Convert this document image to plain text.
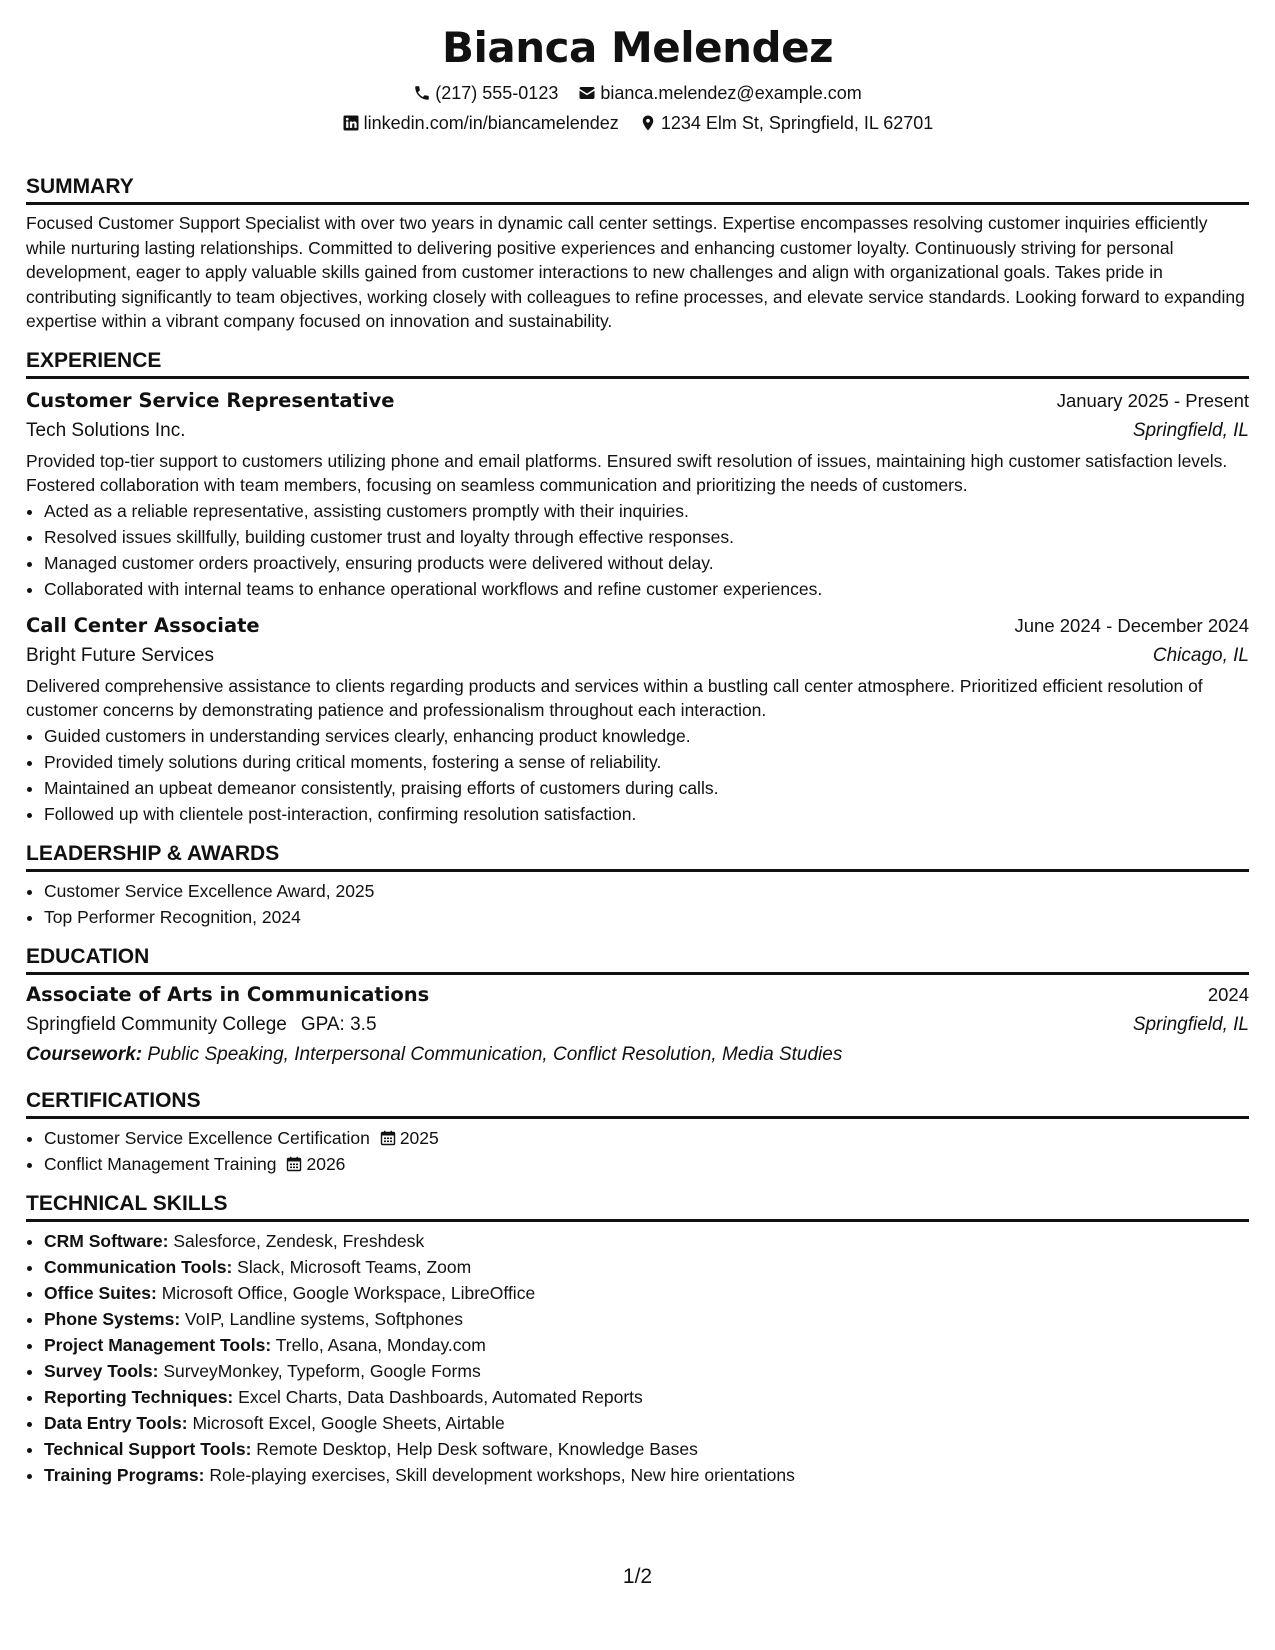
Bianca Melendez
(217) 555-0123 bianca.melendez@example.com
linkedin.com/in/biancamelendez 1234 Elm St, Springfield, IL 62701
SUMMARY

Focused Customer Support Specialist with over two years in dynamic call center settings. Expertise encompasses resolving customer inquiries efficiently while nurturing lasting relationships. Committed to delivering positive experiences and enhancing customer loyalty. Continuously striving for personal development, eager to apply valuable skills gained from customer interactions to new challenges and align with organizational goals. Takes pride in contributing significantly to team objectives, working closely with colleagues to refine processes, and elevate service standards. Looking forward to expanding expertise within a vibrant company focused on innovation and sustainability.

EXPERIENCE
Customer Service Representative	January 2025 - Present
Tech Solutions Inc.	Springfield, IL

Provided top-tier support to customers utilizing phone and email platforms. Ensured swift resolution of issues, maintaining high customer satisfaction levels. Fostered collaboration with team members, focusing on seamless communication and prioritizing the needs of customers.

• Acted as a reliable representative, assisting customers promptly with their inquiries.
• Resolved issues skillfully, building customer trust and loyalty through effective responses.
• Managed customer orders proactively, ensuring products were delivered without delay.
• Collaborated with internal teams to enhance operational workflows and refine customer experiences.
Call Center Associate	June 2024 - December 2024
Bright Future Services	Chicago, IL

Delivered comprehensive assistance to clients regarding products and services within a bustling call center atmosphere. Prioritized efficient resolution of customer concerns by demonstrating patience and professionalism throughout each interaction.

• Guided customers in understanding services clearly, enhancing product knowledge.
• Provided timely solutions during critical moments, fostering a sense of reliability.
• Maintained an upbeat demeanor consistently, praising efforts of customers during calls.
• Followed up with clientele post-interaction, confirming resolution satisfaction.
LEADERSHIP & AWARDS
• Customer Service Excellence Award, 2025
• Top Performer Recognition, 2024
EDUCATION
Associate of Arts in Communications	2024
Springfield Community College GPA: 3.5	Springfield, IL
Coursework: Public Speaking, Interpersonal Communication, Conflict Resolution, Media Studies
CERTIFICATIONS
• Customer Service Excellence Certification 2025
• Conflict Management Training 2026
TECHNICAL SKILLS
• CRM Software: Salesforce, Zendesk, Freshdesk
• Communication Tools: Slack, Microsoft Teams, Zoom
• Office Suites: Microsoft Office, Google Workspace, LibreOffice
• Phone Systems: VoIP, Landline systems, Softphones
• Project Management Tools: Trello, Asana, Monday.com
• Survey Tools: SurveyMonkey, Typeform, Google Forms
• Reporting Techniques: Excel Charts, Data Dashboards, Automated Reports
• Data Entry Tools: Microsoft Excel, Google Sheets, Airtable
• Technical Support Tools: Remote Desktop, Help Desk software, Knowledge Bases
• Training Programs: Role-playing exercises, Skill development workshops, New hire orientations
1/2
